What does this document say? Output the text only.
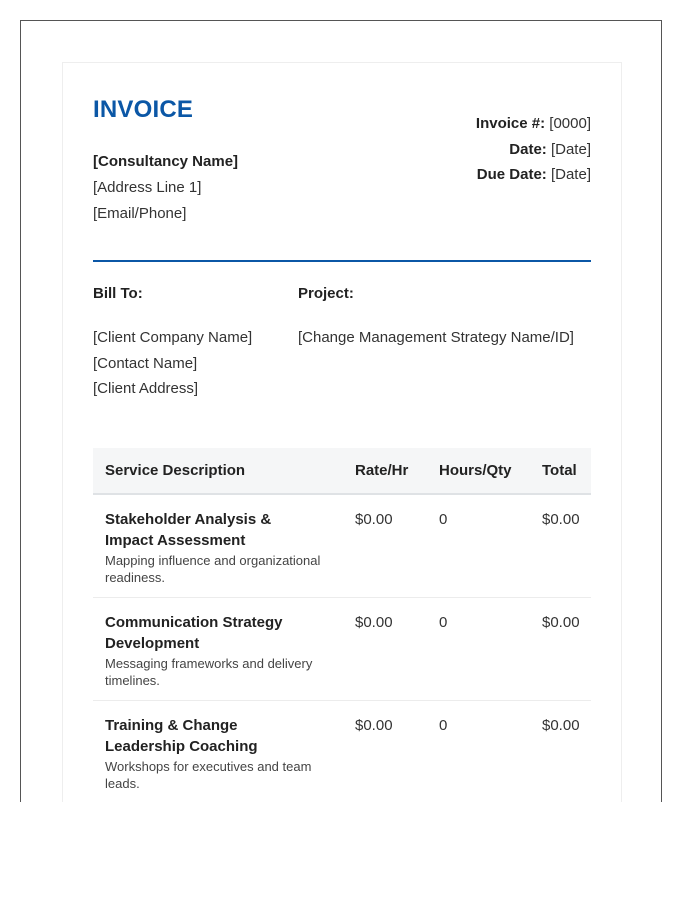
INVOICE
[Consultancy Name]
[Address Line 1]
[Email/Phone]
Invoice #: [0000]
Date: [Date]
Due Date: [Date]
Bill To:	Project:
[Client Company Name]
[Contact Name]
[Client Address]
[Change Management Strategy Name/ID]
Service Description	Rate/Hr	Hours/Qty	Total

Stakeholder Analysis & Impact Assessment
Mapping influence and organizational readiness.	$0.00	0	$0.00

Communication Strategy Development
Messaging frameworks and delivery timelines.	$0.00	0	$0.00

Training & Change Leadership Coaching
Workshops for executives and team leads.	$0.00	0	$0.00
